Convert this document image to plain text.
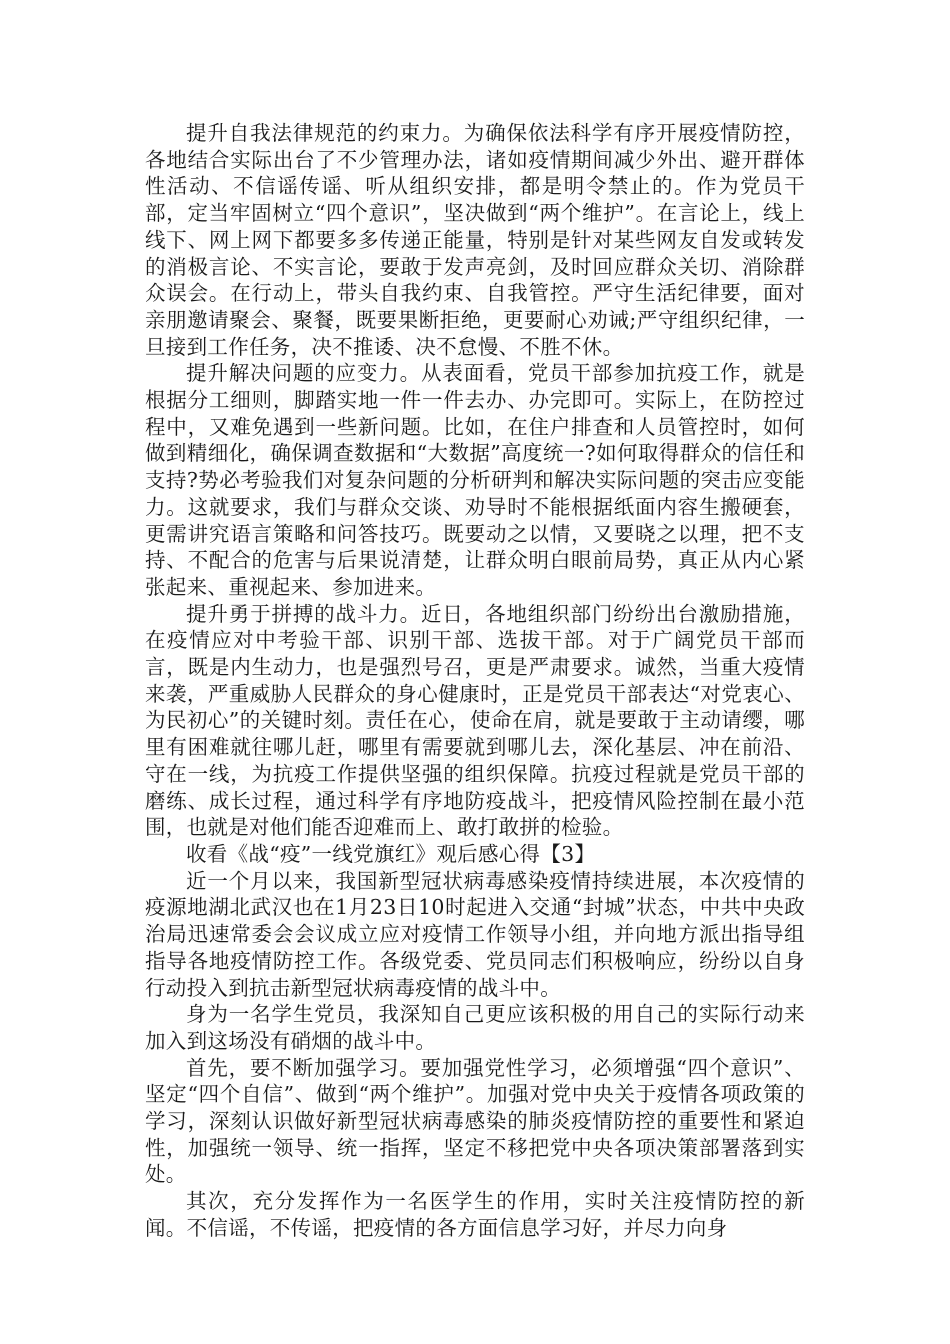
提升自我法律规范的约束力。为确保依法科学有序开展疫情防控，各地结合实际出台了不少管理办法，诸如疫情期间减少外出、避开群体性活动、不信谣传谣、听从组织安排，都是明令禁止的。作为党员干部，定当牢固树立“四个意识”，坚决做到“两个维护”。在言论上，线上线下、网上网下都要多多传递正能量，特别是针对某些网友自发或转发的消极言论、不实言论，要敢于发声亮剑，及时回应群众关切、消除群众误会。在行动上，带头自我约束、自我管控。严守生活纪律要，面对亲朋邀请聚会、聚餐，既要果断拒绝，更要耐心劝诫;严守组织纪律，一旦接到工作任务，决不推诿、决不怠慢、不胜不休。

提升解决问题的应变力。从表面看，党员干部参加抗疫工作，就是根据分工细则，脚踏实地一件一件去办、办完即可。实际上，在防控过程中，又难免遇到一些新问题。比如，在住户排查和人员管控时，如何做到精细化，确保调查数据和“大数据”高度统一?如何取得群众的信任和支持?势必考验我们对复杂问题的分析研判和解决实际问题的突击应变能力。这就要求，我们与群众交谈、劝导时不能根据纸面内容生搬硬套，更需讲究语言策略和问答技巧。既要动之以情，又要晓之以理，把不支持、不配合的危害与后果说清楚，让群众明白眼前局势，真正从内心紧张起来、重视起来、参加进来。

提升勇于拼搏的战斗力。近日，各地组织部门纷纷出台激励措施，在疫情应对中考验干部、识别干部、选拔干部。对于广阔党员干部而言，既是内生动力，也是强烈号召，更是严肃要求。诚然，当重大疫情来袭，严重威胁人民群众的身心健康时，正是党员干部表达“对党衷心、为民初心”的关键时刻。责任在心，使命在肩，就是要敢于主动请缨，哪里有困难就往哪儿赶，哪里有需要就到哪儿去，深化基层、冲在前沿、守在一线，为抗疫工作提供坚强的组织保障。抗疫过程就是党员干部的磨练、成长过程，通过科学有序地防疫战斗，把疫情风险控制在最小范围，也就是对他们能否迎难而上、敢打敢拼的检验。

收看《战“疫”一线党旗红》观后感心得【3】

近一个月以来，我国新型冠状病毒感染疫情持续进展，本次疫情的疫源地湖北武汉也在1月23日10时起进入交通“封城”状态，中共中央政治局迅速常委会会议成立应对疫情工作领导小组，并向地方派出指导组指导各地疫情防控工作。各级党委、党员同志们积极响应，纷纷以自身行动投入到抗击新型冠状病毒疫情的战斗中。

身为一名学生党员，我深知自己更应该积极的用自己的实际行动来加入到这场没有硝烟的战斗中。

首先，要不断加强学习。要加强党性学习，必须增强“四个意识”、坚定“四个自信”、做到“两个维护”。加强对党中央关于疫情各项政策的学习，深刻认识做好新型冠状病毒感染的肺炎疫情防控的重要性和紧迫性，加强统一领导、统一指挥，坚定不移把党中央各项决策部署落到实处。

其次，充分发挥作为一名医学生的作用，实时关注疫情防控的新闻。不信谣，不传谣，把疫情的各方面信息学习好，并尽力向身
